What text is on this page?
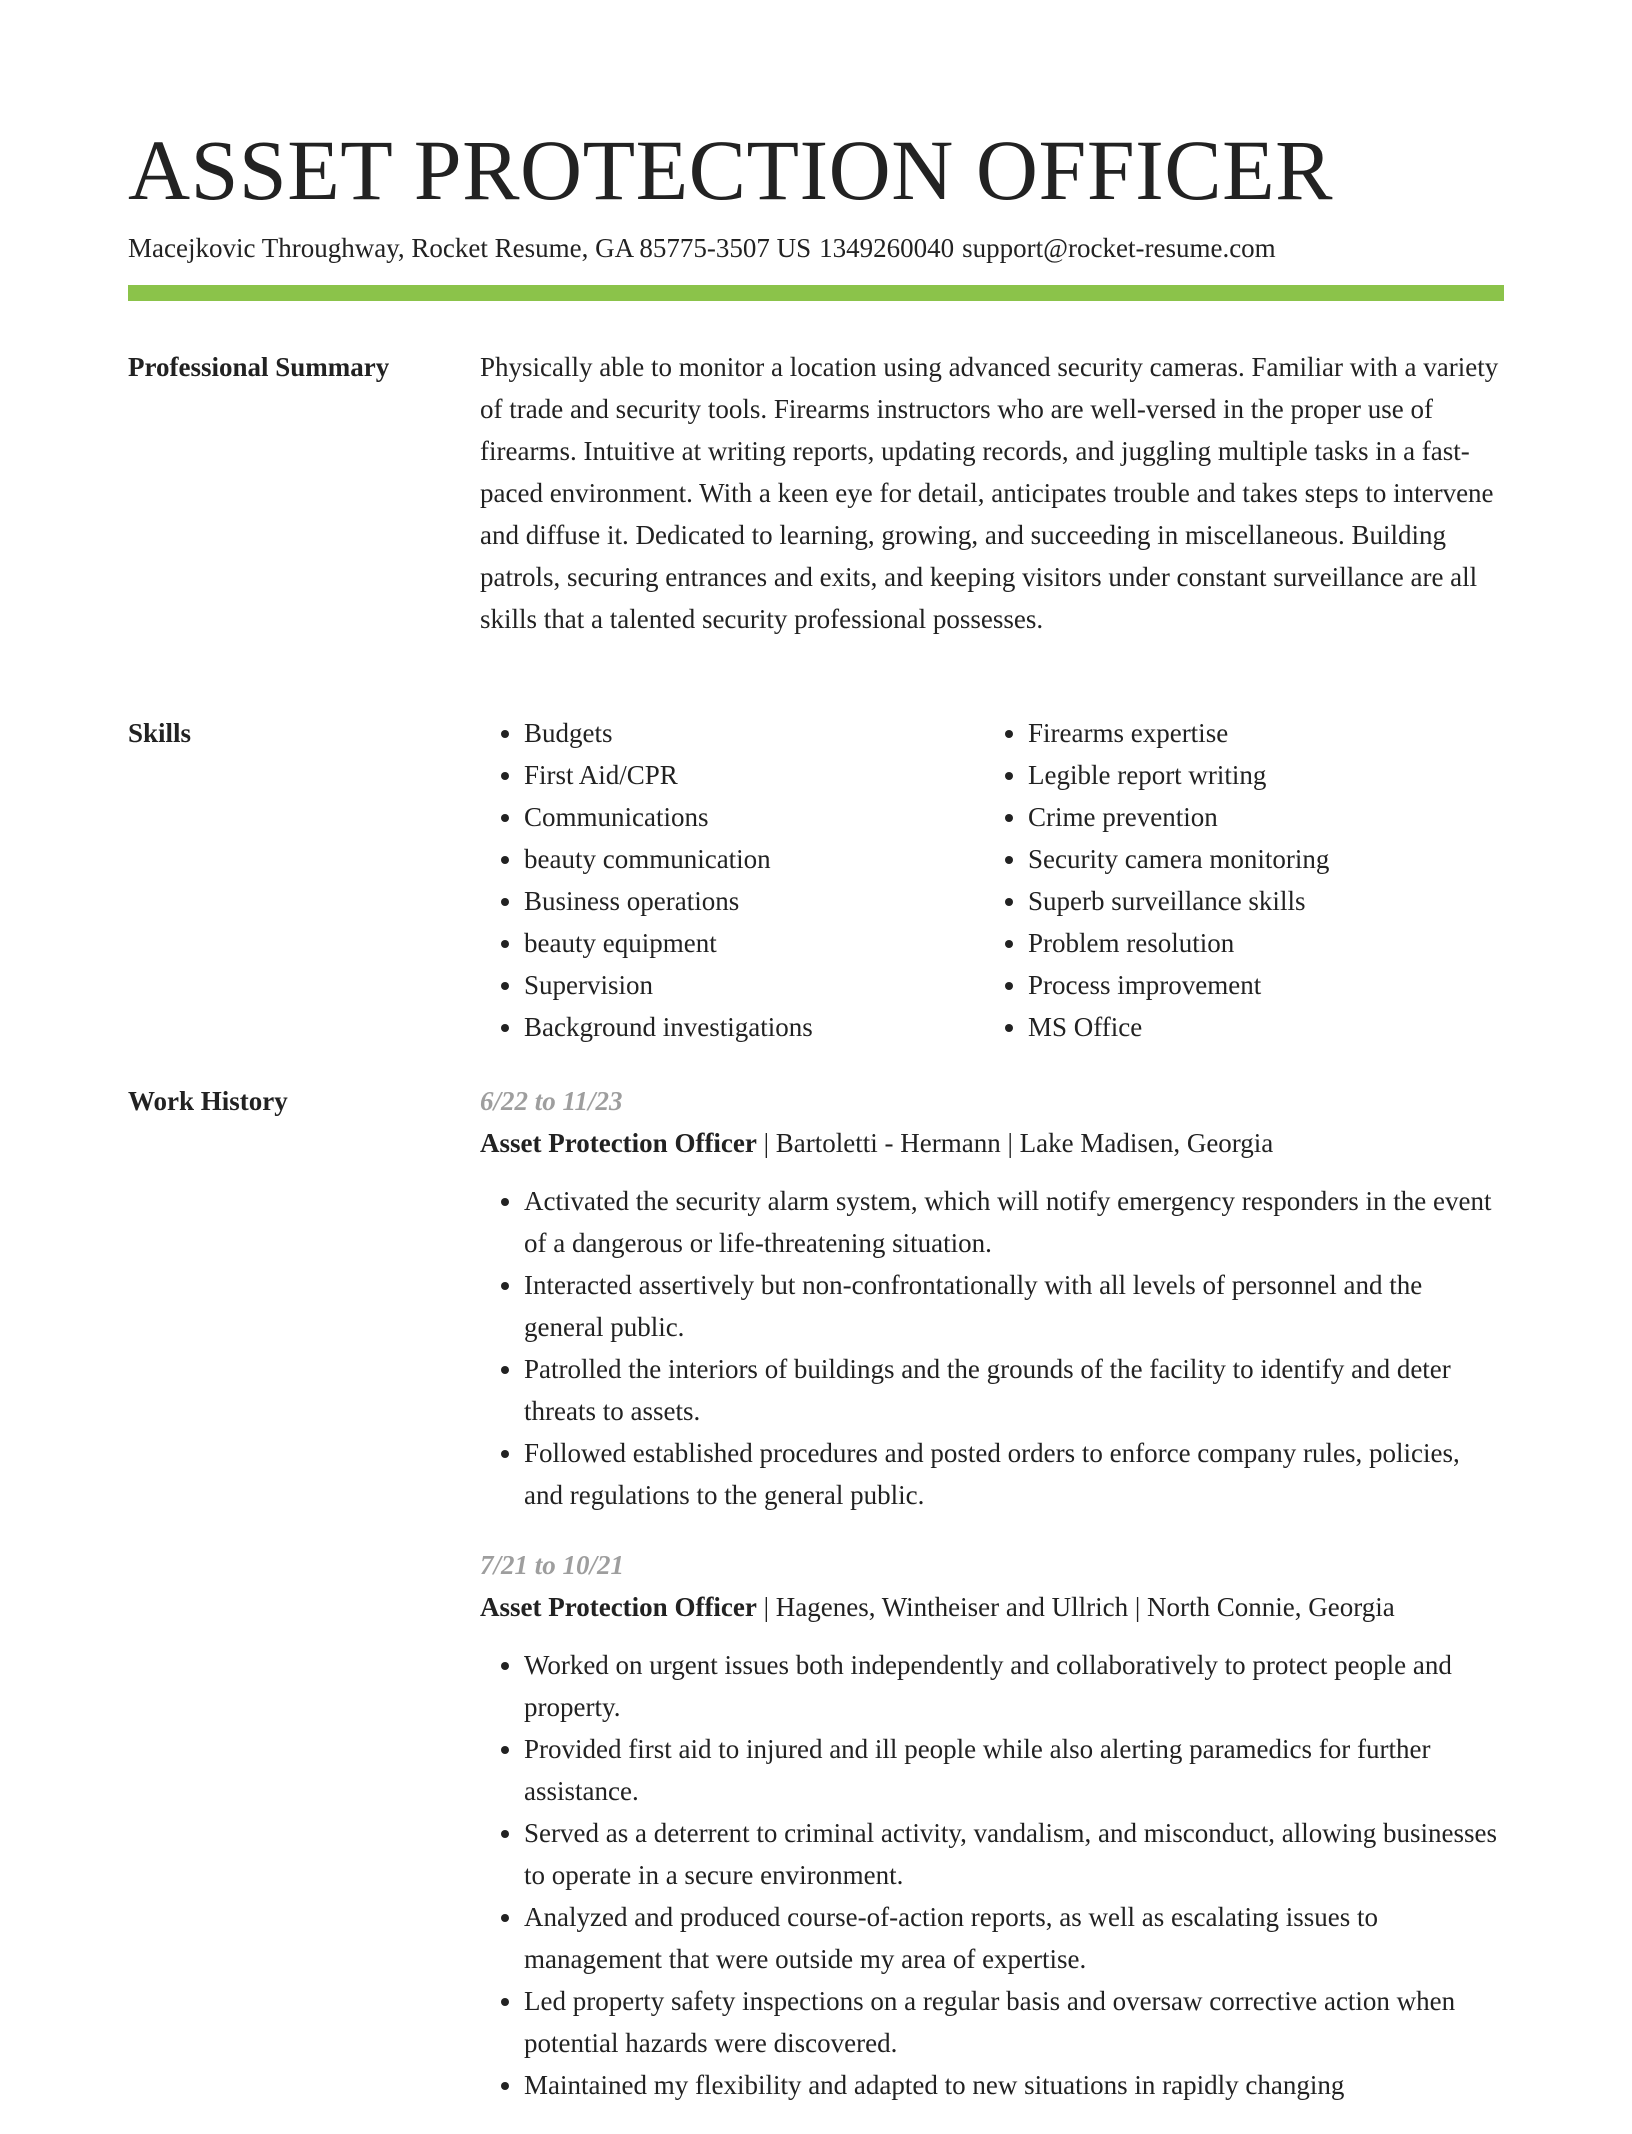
ASSET PROTECTION OFFICER
Macejkovic Throughway, Rocket Resume, GA 85775-3507 US 1349260040 support@rocket-resume.com
Professional Summary	Physically able to monitor a location using advanced security cameras. Familiar with a variety of trade and security tools. Firearms instructors who are well-versed in the proper use of firearms. Intuitive at writing reports, updating records, and juggling multiple tasks in a fast-paced environment. With a keen eye for detail, anticipates trouble and takes steps to intervene and diffuse it. Dedicated to learning, growing, and succeeding in miscellaneous. Building patrols, securing entrances and exits, and keeping visitors under constant surveillance are all skills that a talented security professional possesses.

Skills
•	Budgets
• First Aid/CPR
• Communications
• beauty communication
• Business operations
• beauty equipment
• Supervision
• Background investigations
• Firearms expertise
• Legible report writing
• Crime prevention
• Security camera monitoring
• Superb surveillance skills
• Problem resolution
• Process improvement
• MS Office
Work History	6/22 to 11/23
Asset Protection Officer | Bartoletti - Hermann | Lake Madisen, Georgia
• Activated the security alarm system, which will notify emergency responders in the event of a dangerous or life-threatening situation.
• Interacted assertively but non-confrontationally with all levels of personnel and the general public.
• Patrolled the interiors of buildings and the grounds of the facility to identify and deter threats to assets.
• Followed established procedures and posted orders to enforce company rules, policies, and regulations to the general public.
7/21 to 10/21
Asset Protection Officer | Hagenes, Wintheiser and Ullrich | North Connie, Georgia
• Worked on urgent issues both independently and collaboratively to protect people and property.
• Provided first aid to injured and ill people while also alerting paramedics for further assistance.
• Served as a deterrent to criminal activity, vandalism, and misconduct, allowing businesses to operate in a secure environment.
• Analyzed and produced course-of-action reports, as well as escalating issues to management that were outside my area of expertise.
• Led property safety inspections on a regular basis and oversaw corrective action when potential hazards were discovered.
• Maintained my flexibility and adapted to new situations in rapidly changing
